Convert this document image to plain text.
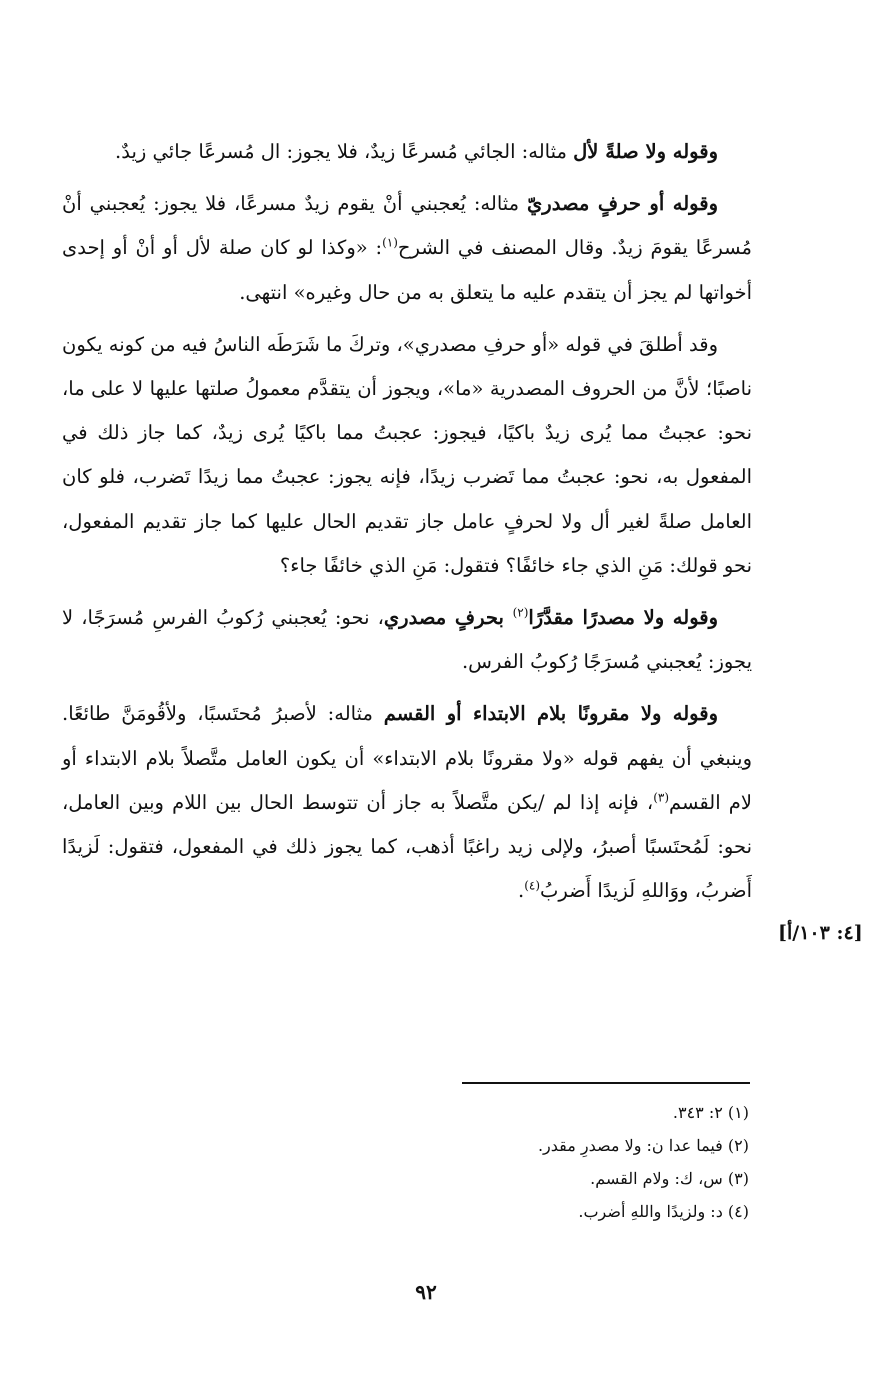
وقوله ولا صلةً لأل مثاله: الجائي مُسرعًا زيدٌ، فلا يجوز: ال مُسرعًا جائي زيدٌ.

وقوله أو حرفٍ مصدريّ مثاله: يُعجبني أنْ يقوم زيدٌ مسرعًا، فلا يجوز: يُعجبني أنْ مُسرعًا يقومَ زيدٌ. وقال المصنف في الشرح$^{(١)}$: «وكذا لو كان صلة لأل أو أنْ أو إحدى أخواتها لم يجز أن يتقدم عليه ما يتعلق به من حال وغيره» انتهى.

وقد أطلقَ في قوله «أو حرفِ مصدري»، وتركَ ما شَرَطَه الناسُ فيه من كونه يكون ناصبًا؛ لأنَّ من الحروف المصدرية «ما»، ويجوز أن يتقدَّم معمولُ صلتها عليها لا على ما، نحو: عجبتُ مما يُرى زيدٌ باكيًا، فيجوز: عجبتُ مما باكيًا يُرى زيدٌ، كما جاز ذلك في المفعول به، نحو: عجبتُ مما تَضرب زيدًا، فإنه يجوز: عجبتُ مما زيدًا تَضرب، فلو كان العامل صلةً لغير أل ولا لحرفٍ عامل جاز تقديم الحال عليها كما جاز تقديم المفعول، نحو قولك: مَنِ الذي جاء خائفًا؟ فتقول: مَنِ الذي خائفًا جاء؟

وقوله ولا مصدرًا مقدَّرًا$^{(٢)}$ بحرفٍ مصدري، نحو: يُعجبني رُكوبُ الفرسِ مُسرَجًا، لا يجوز: يُعجبني مُسرَجًا رُكوبُ الفرس.

وقوله ولا مقرونًا بلام الابتداء أو القسم مثاله: لأصبرُ مُحتَسبًا، ولأقُومَنَّ طائعًا. وينبغي أن يفهم قوله «ولا مقرونًا بلام الابتداء» أن يكون العامل متَّصلاً بلام الابتداء أو لام القسم$^{(٣)}$، فإنه إذا لم /يكن متَّصلاً به جاز أن تتوسط الحال بين اللام وبين العامل، نحو: لَمُحتَسبًا أصبرُ، ولإلى زيد راغبًا أذهب، كما يجوز ذلك في المفعول، فتقول: لَزيدًا أَضربُ، ووَاللهِ لَزيدًا أَضربُ$^{(٤)}$.

[٤: ١٠٣/أ]

(١) ٢: ٣٤٣.

(٢) فيما عدا ن: ولا مصدرِ مقدر.

(٣) س، ك: ولام القسم.

(٤) د: ولزيدًا واللهِ أضرب.

٩٢
